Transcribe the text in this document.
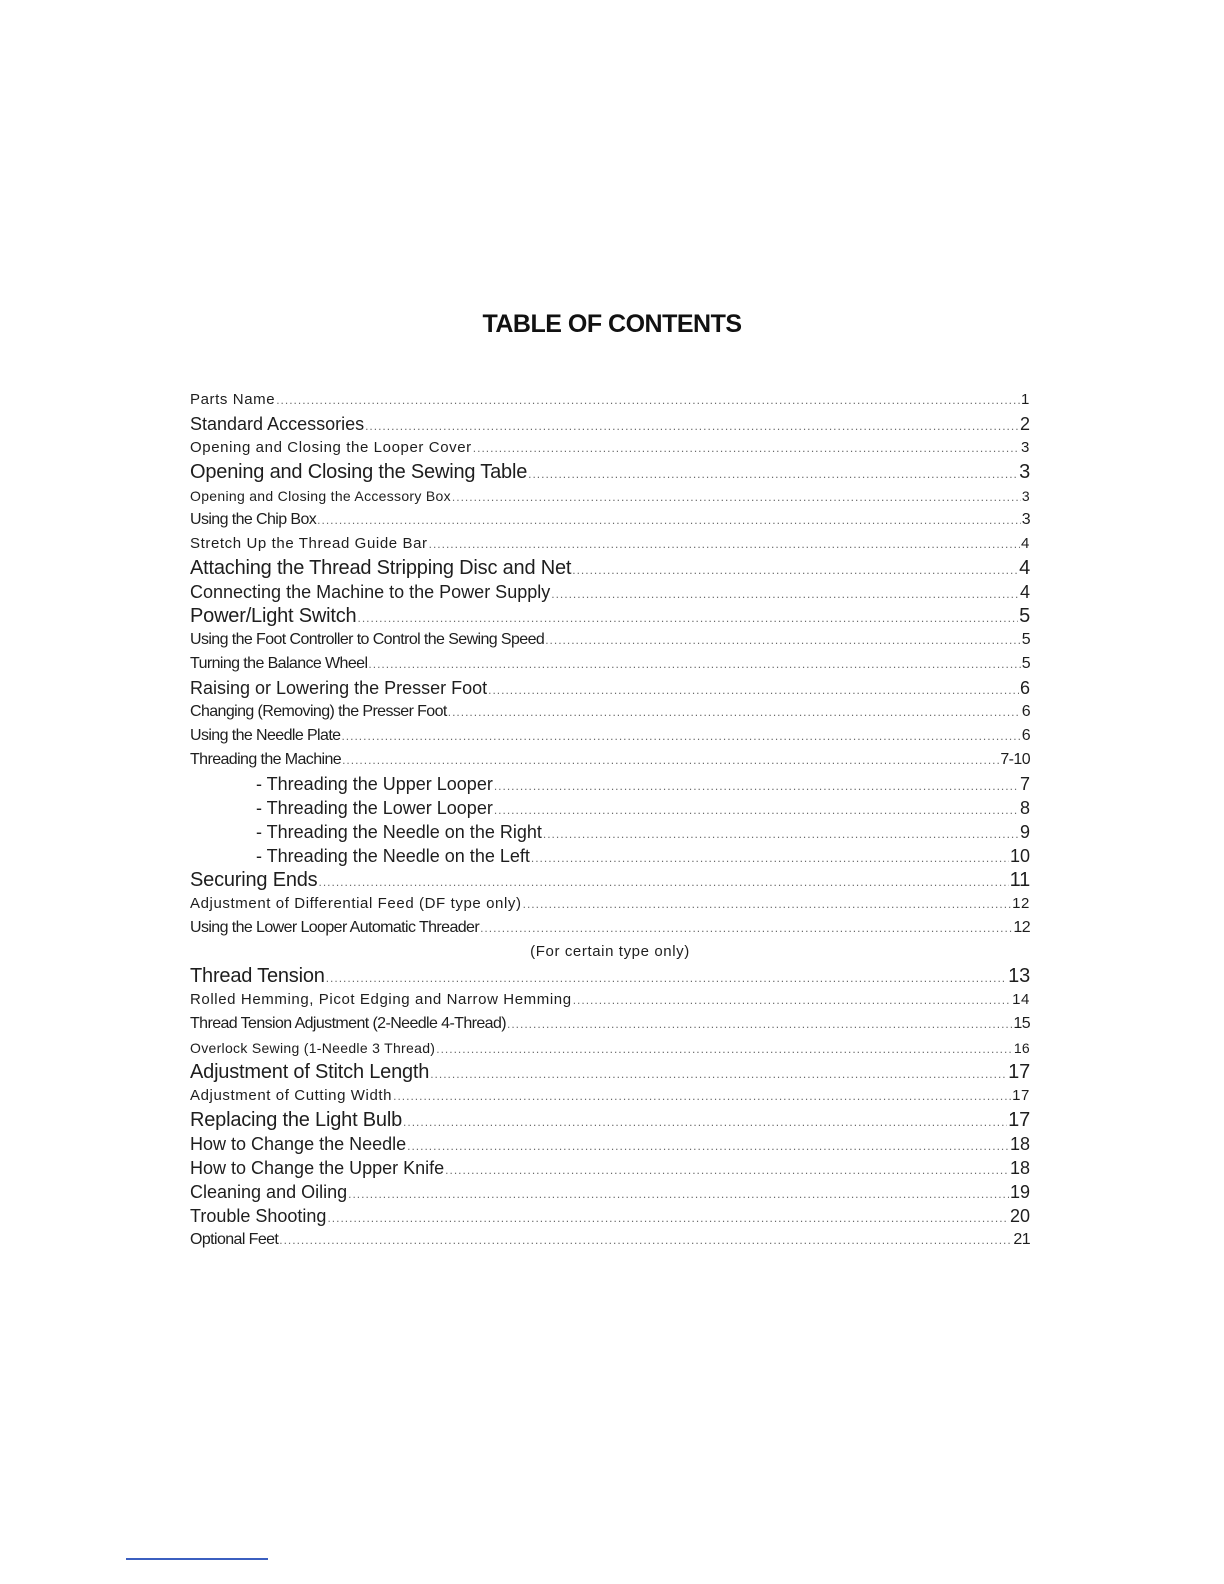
TABLE OF CONTENTS
Parts Name .....	1
Standard Accessories .....	2
Opening and Closing the Looper Cover .....	3
Opening and Closing the Sewing Table .....	3
Opening and Closing the Accessory Box .....	3
Using the Chip Box .....	3
Stretch Up the Thread Guide Bar .....	4
Attaching the Thread Stripping Disc and Net .....	4
Connecting the Machine to the Power Supply .....	4
Power/Light Switch .....	5
Using the Foot Controller to Control the Sewing Speed .....	5
Turning the Balance Wheel .....	5
Raising or Lowering the Presser Foot .....	6
Changing (Removing) the Presser Foot .....	6
Using the Needle Plate .....	6
Threading the Machine .....	7-10
- Threading the Upper Looper .....	7
- Threading the Lower Looper .....	8
- Threading the Needle on the Right .....	9
- Threading the Needle on the Left .....	10
Securing Ends .....	11
Adjustment of Differential Feed (DF type only) .....	12
Using the Lower Looper Automatic Threader .....	12
(For certain type only)
Thread Tension .....	13
Rolled Hemming, Picot Edging and Narrow Hemming .....	14
Thread Tension Adjustment (2-Needle 4-Thread) .....	15
Overlock Sewing (1-Needle 3 Thread) .....	16
Adjustment of Stitch Length .....	17
Adjustment of Cutting Width .....	17
Replacing the Light Bulb .....	17
How to Change the Needle .....	18
How to Change the Upper Knife .....	18
Cleaning and Oiling .....	19
Trouble Shooting .....	20
Optional Feet .....	21
